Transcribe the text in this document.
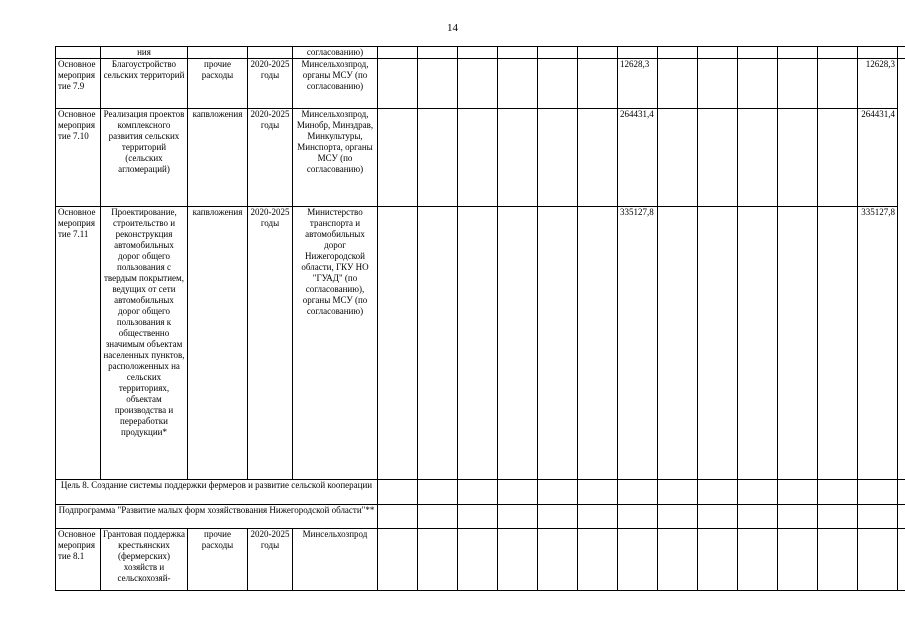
14
	ния			согласованию)														
Основное мероприятие 7.9	Благоустройство сельских территорий	прочие расходы	2020-2025 годы	Минсельхозпрод, органы МСУ (по согласованию)							12628,3						12628,3	
Основное мероприятие 7.10	Реализация проектов комплексного развития сельских территорий (сельских агломераций)	капвложения	2020-2025 годы	Минсельхозпрод, Минобр, Минздрав, Минкультуры, Минспорта, органы МСУ (по согласованию)							264431,4						264431,4	
Основное мероприятие 7.11	Проектирование, строительство и реконструкция автомобильных дорог общего пользования с твердым покрытием, ведущих от сети автомобильных дорог общего пользования к общественно значимым объектам населенных пунктов, расположенных на сельских территориях, объектам производства и переработки продукции*	капвложения	2020-2025 годы	Министерство транспорта и автомобильных дорог Нижегородской области, ГКУ НО "ГУАД" (по согласованию), органы МСУ (по согласованию)							335127,8						335127,8	
Цель 8. Создание системы поддержки фермеров и развитие сельской кооперации																		
Подпрограмма "Развитие малых форм хозяйствования Нижегородской области"**																		
Основное мероприятие 8.1	Грантовая поддержка крестьянских (фермерских) хозяйств и сельскохозяй-	прочие расходы	2020-2025 годы	Минсельхозпрод														
